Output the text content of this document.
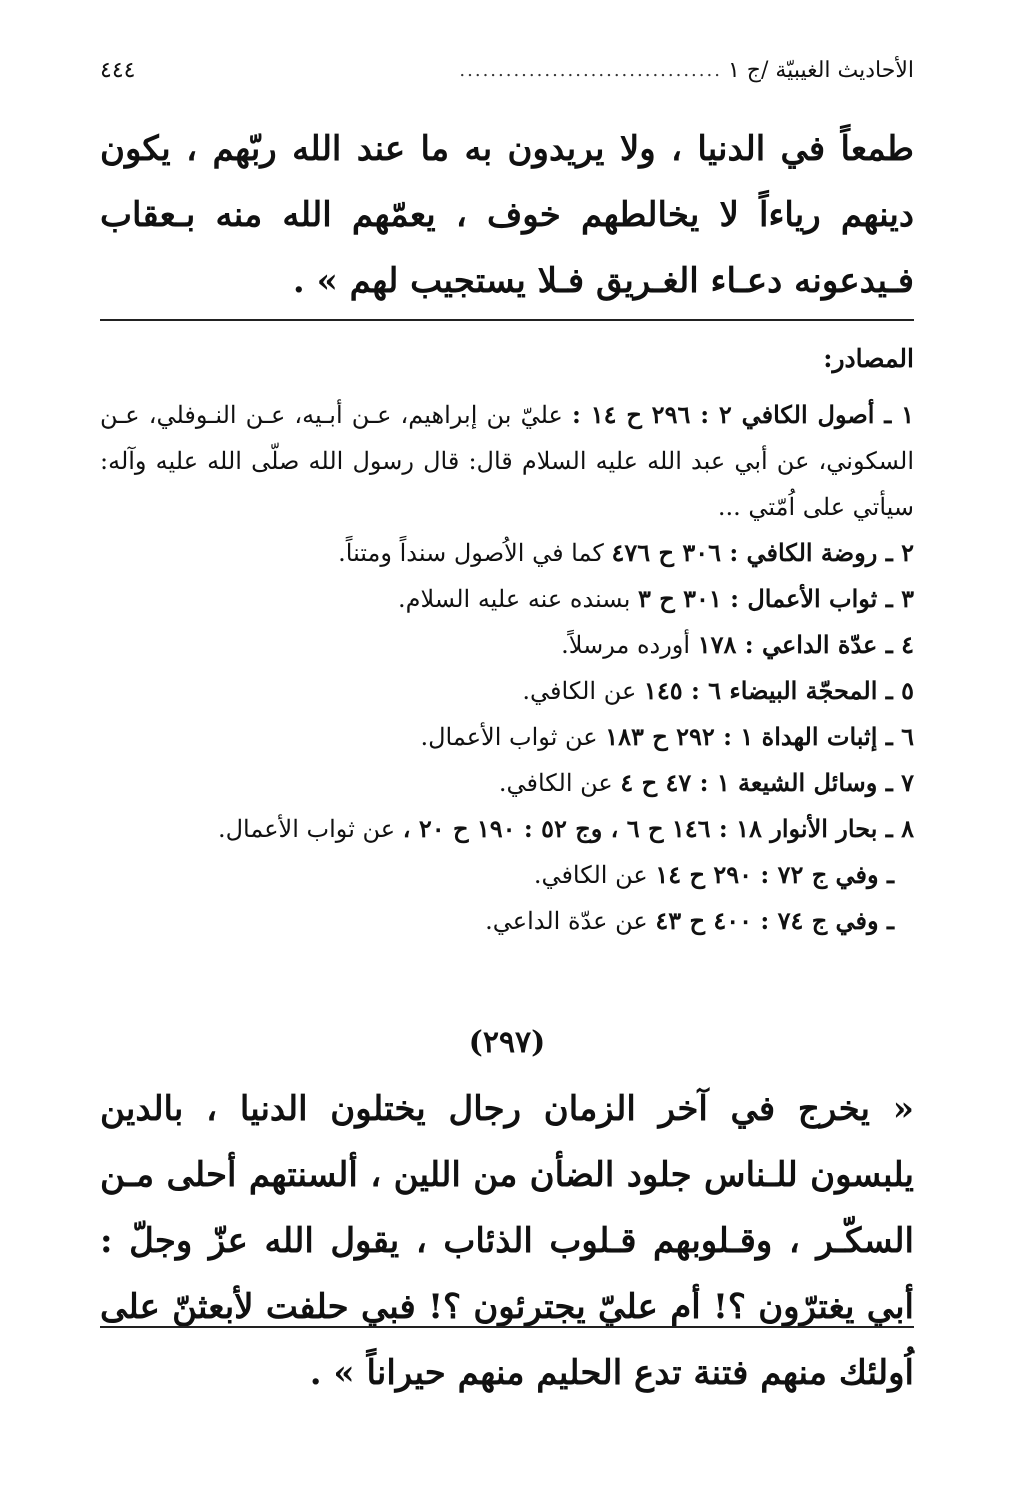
الأحاديث الغيبيّة /ج ١
..................................
٤٤٤
طمعاً في الدنيا ، ولا يريدون به ما عند الله ربّهم ، يكون دينهم رياءاً لا يخالطهم خوف ، يعمّهم الله منه بـعقاب فـيدعونه دعـاء الغـريق فـلا يستجيب لهم » .
المصادر:
١ ـ أصول الكافي ٢ : ٢٩٦ ح ١٤ : عليّ بن إبراهيم، عـن أبـيه، عـن النـوفلي، عـن السكوني، عن أبي عبد الله عليه السلام قال: قال رسول الله صلّى الله عليه وآله: سيأتي على اُمّتي ...
٢ ـ روضة الكافي : ٣٠٦ ح ٤٧٦ كما في الاُصول سنداً ومتناً.
٣ ـ ثواب الأعمال : ٣٠١ ح ٣ بسنده عنه عليه السلام.
٤ ـ عدّة الداعي : ١٧٨ أورده مرسلاً.
٥ ـ المحجّة البيضاء ٦ : ١٤٥ عن الكافي.
٦ ـ إثبات الهداة ١ : ٢٩٢ ح ١٨٣ عن ثواب الأعمال.
٧ ـ وسائل الشيعة ١ : ٤٧ ح ٤ عن الكافي.
٨ ـ بحار الأنوار ١٨ : ١٤٦ ح ٦ ، وج ٥٢ : ١٩٠ ح ٢٠ ، عن ثواب الأعمال.
ـ وفي ج ٧٢ : ٢٩٠ ح ١٤ عن الكافي.
ـ وفي ج ٧٤ : ٤٠٠ ح ٤٣ عن عدّة الداعي.
(٢٩٧)
« يخرج في آخر الزمان رجال يختلون الدنيا ، بالدين يلبسون للـناس جلود الضأن من اللين ، ألسنتهم أحلى مـن السكّـر ، وقـلوبهم قـلوب الذئاب ، يقول الله عزّ وجلّ : أبي يغترّون ؟! أم عليّ يجترئون ؟! فبي حلفت لأبعثنّ على اُولئك منهم فتنة تدع الحليم منهم حيراناً » .
